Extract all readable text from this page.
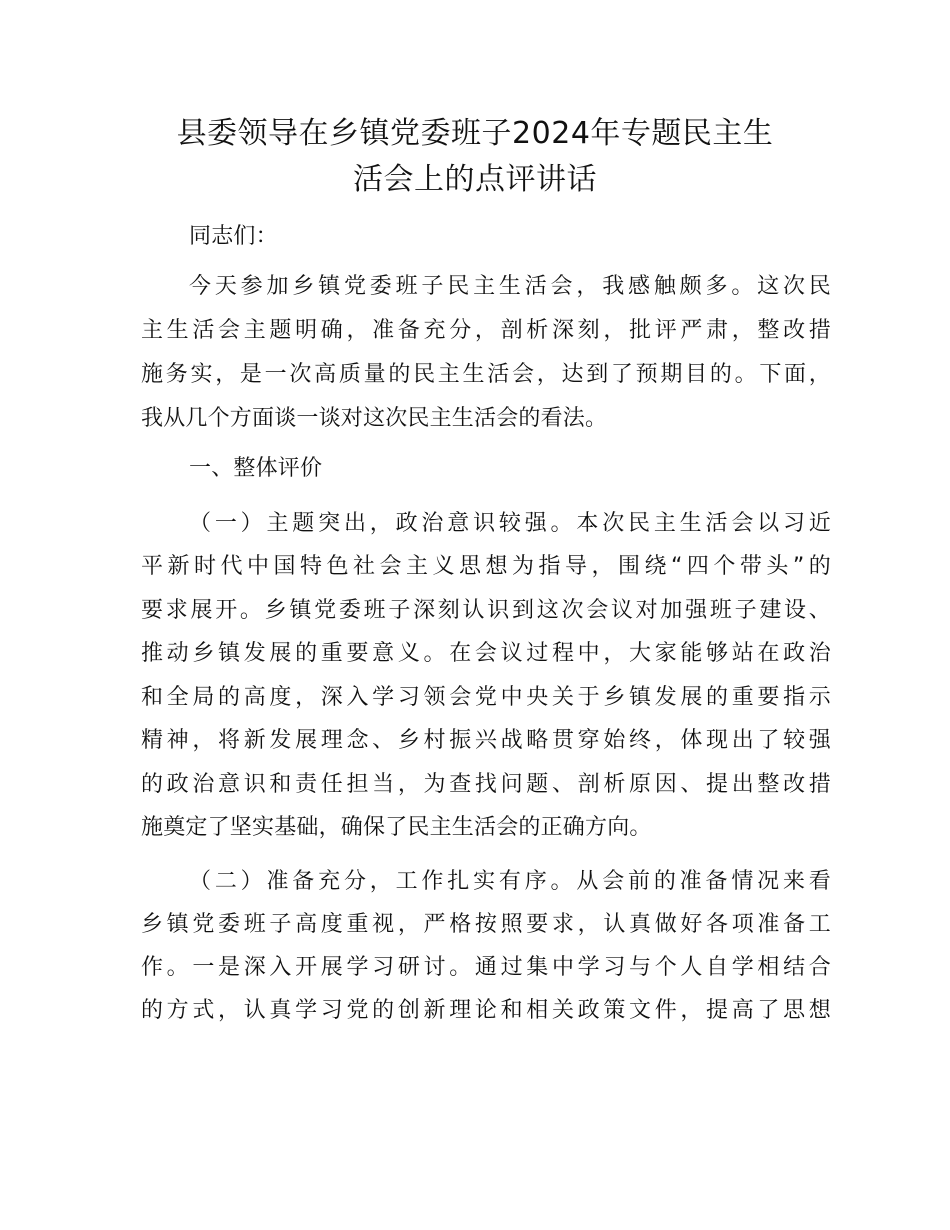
县委领导在乡镇党委班子2024年专题民主生
活会上的点评讲话

同志们：

今天参加乡镇党委班子民主生活会，我感触颇多。这次民

主生活会主题明确，准备充分，剖析深刻，批评严肃，整改措

施务实，是一次高质量的民主生活会，达到了预期目的。下面，

我从几个方面谈一谈对这次民主生活会的看法。

一、整体评价

（一）主题突出，政治意识较强。本次民主生活会以习近

平新时代中国特色社会主义思想为指导，围绕“四个带头”的

要求展开。乡镇党委班子深刻认识到这次会议对加强班子建设、

推动乡镇发展的重要意义。在会议过程中，大家能够站在政治

和全局的高度，深入学习领会党中央关于乡镇发展的重要指示

精神，将新发展理念、乡村振兴战略贯穿始终，体现出了较强

的政治意识和责任担当，为查找问题、剖析原因、提出整改措

施奠定了坚实基础，确保了民主生活会的正确方向。

（二）准备充分，工作扎实有序。从会前的准备情况来看

乡镇党委班子高度重视，严格按照要求，认真做好各项准备工

作。一是深入开展学习研讨。通过集中学习与个人自学相结合

的方式，认真学习党的创新理论和相关政策文件，提高了思想
